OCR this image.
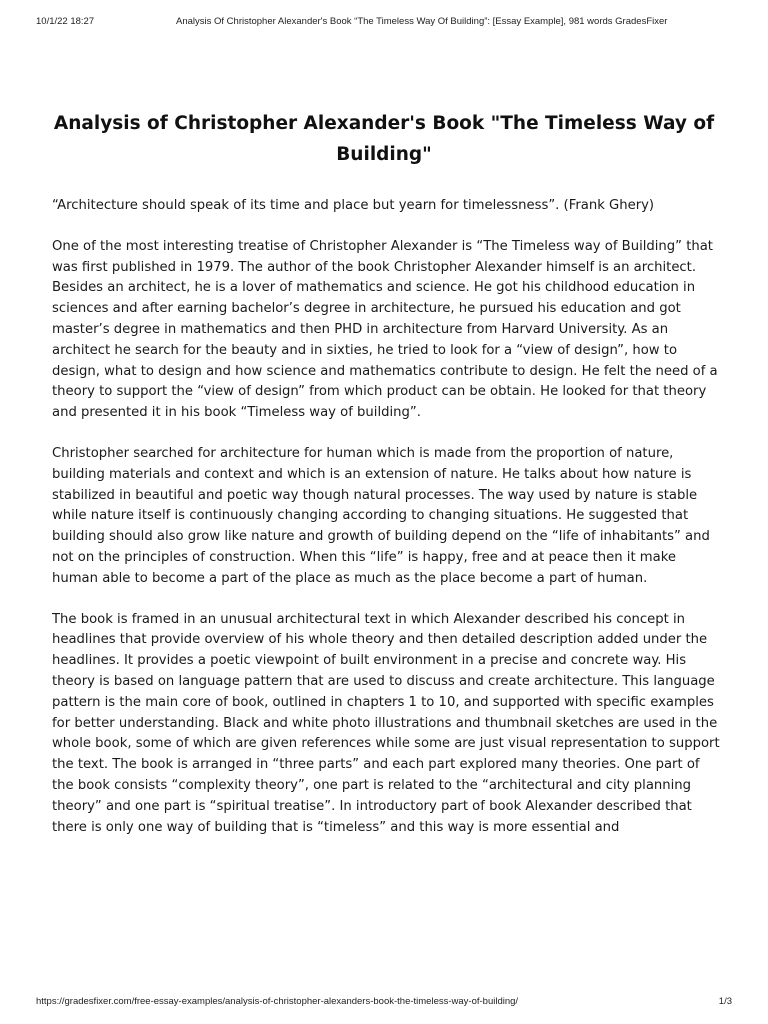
10/1/22 18:27	Analysis Of Christopher Alexander's Book “The Timeless Way Of Building”: [Essay Example], 981 words GradesFixer
Analysis of Christopher Alexander's Book "The Timeless Way of Building"

“Architecture should speak of its time and place but yearn for timelessness”. (Frank Ghery)

One of the most interesting treatise of Christopher Alexander is “The Timeless way of Building” that was first published in 1979. The author of the book Christopher Alexander himself is an architect. Besides an architect, he is a lover of mathematics and science. He got his childhood education in sciences and after earning bachelor’s degree in architecture, he pursued his education and got master’s degree in mathematics and then PHD in architecture from Harvard University. As an architect he search for the beauty and in sixties, he tried to look for a “view of design”, how to design, what to design and how science and mathematics contribute to design. He felt the need of a theory to support the “view of design” from which product can be obtain. He looked for that theory and presented it in his book “Timeless way of building”.

Christopher searched for architecture for human which is made from the proportion of nature, building materials and context and which is an extension of nature. He talks about how nature is stabilized in beautiful and poetic way though natural processes. The way used by nature is stable while nature itself is continuously changing according to changing situations. He suggested that building should also grow like nature and growth of building depend on the “life of inhabitants” and not on the principles of construction. When this “life” is happy, free and at peace then it make human able to become a part of the place as much as the place become a part of human.

The book is framed in an unusual architectural text in which Alexander described his concept in headlines that provide overview of his whole theory and then detailed description added under the headlines. It provides a poetic viewpoint of built environment in a precise and concrete way. His theory is based on language pattern that are used to discuss and create architecture. This language pattern is the main core of book, outlined in chapters 1 to 10, and supported with specific examples for better understanding. Black and white photo illustrations and thumbnail sketches are used in the whole book, some of which are given references while some are just visual representation to support the text. The book is arranged in “three parts” and each part explored many theories. One part of the book consists “complexity theory”, one part is related to the “architectural and city planning theory” and one part is “spiritual treatise”. In introductory part of book Alexander described that there is only one way of building that is “timeless” and this way is more essential and

https://gradesfixer.com/free-essay-examples/analysis-of-christopher-alexanders-book-the-timeless-way-of-building/	1/3
